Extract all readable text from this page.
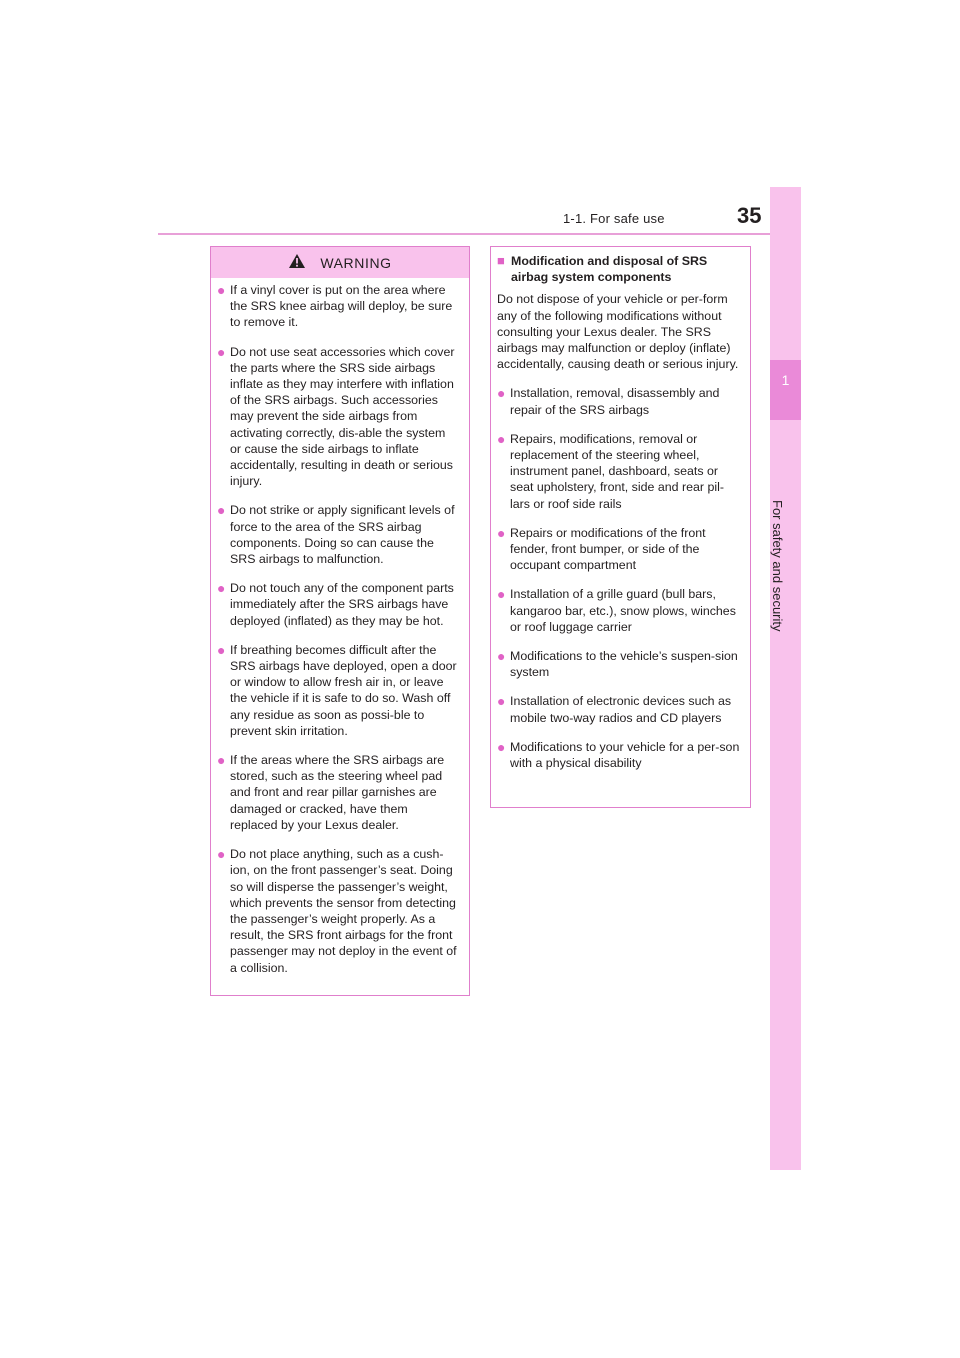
1-1. For safe use	35
1
For safety and security
WARNING
● If a vinyl cover is put on the area where the SRS knee airbag will deploy, be sure to remove it.
● Do not use seat accessories which cover the parts where the SRS side airbags inflate as they may interfere with inflation of the SRS airbags. Such accessories may prevent the side airbags from activating correctly, dis-able the system or cause the side airbags to inflate accidentally, resulting in death or serious injury.
● Do not strike or apply significant levels of force to the area of the SRS airbag components. Doing so can cause the SRS airbags to malfunction.
● Do not touch any of the component parts immediately after the SRS airbags have deployed (inflated) as they may be hot.
● If breathing becomes difficult after the SRS airbags have deployed, open a door or window to allow fresh air in, or leave the vehicle if it is safe to do so. Wash off any residue as soon as possi-ble to prevent skin irritation.
● If the areas where the SRS airbags are stored, such as the steering wheel pad and front and rear pillar garnishes are damaged or cracked, have them replaced by your Lexus dealer.
● Do not place anything, such as a cush-ion, on the front passenger’s seat. Doing so will disperse the passenger’s weight, which prevents the sensor from detecting the passenger’s weight properly. As a result, the SRS front airbags for the front passenger may not deploy in the event of a collision.
■ Modification and disposal of SRS airbag system components

Do not dispose of your vehicle or per-form any of the following modifications without consulting your Lexus dealer. The SRS airbags may malfunction or deploy (inflate) accidentally, causing death or serious injury.

● Installation, removal, disassembly and repair of the SRS airbags
● Repairs, modifications, removal or replacement of the steering wheel, instrument panel, dashboard, seats or seat upholstery, front, side and rear pil-lars or roof side rails
● Repairs or modifications of the front fender, front bumper, or side of the occupant compartment
● Installation of a grille guard (bull bars, kangaroo bar, etc.), snow plows, winches or roof luggage carrier
● Modifications to the vehicle’s suspen-sion system
● Installation of electronic devices such as mobile two-way radios and CD players
● Modifications to your vehicle for a per-son with a physical disability
